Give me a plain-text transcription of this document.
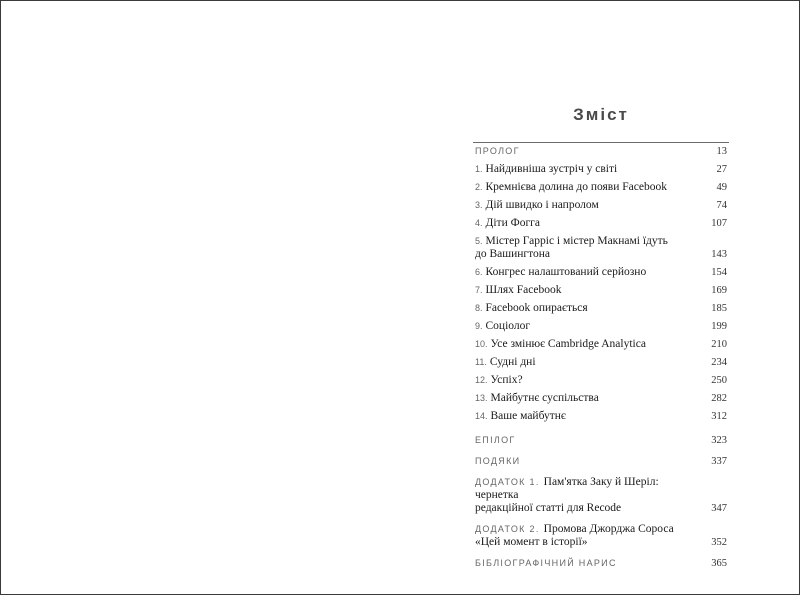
Зміст
ПРОЛОГ	13
1. Найдивніша зустріч у світі	27
2. Кремнієва долина до появи Facebook	49
3. Дій швидко і напролом	74
4. Діти Фогга	107
5. Містер Гарріс і містер Макнамі їдуть
до Вашингтона	143
6. Конгрес налаштований серйозно	154
7. Шлях Facebook	169
8. Facebook опирається	185
9. Соціолог	199
10. Усе змінює Cambridge Analytica	210
11. Судні дні	234
12. Успіх?	250
13. Майбутнє суспільства	282
14. Ваше майбутнє	312
ЕПІЛОГ	323
ПОДЯКИ	337
ДОДАТОК 1. Пам'ятка Заку й Шеріл: чернетка
редакційної статті для Recode	347
ДОДАТОК 2. Промова Джорджа Сороса
«Цей момент в історії»	352
БІБЛІОГРАФІЧНИЙ НАРИС	365
